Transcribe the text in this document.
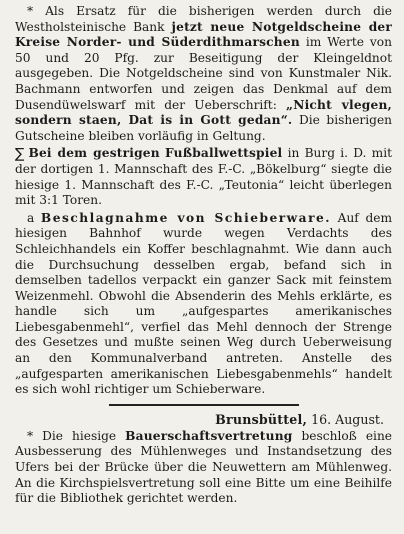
* Als Ersatz für die bisherigen werden durch die Westholsteinische Bank jetzt neue Notgeldscheine der Kreise Norder- und Süderdithmarschen im Werte von 50 und 20 Pfg. zur Beseitigung der Kleingeldnot ausgegeben. Die Notgeldscheine sind von Kunstmaler Nik. Bachmann entworfen und zeigen das Denkmal auf dem Dusendüwelswarf mit der Ueberschrift: „Nicht vlegen, sondern staen, Dat is in Gott gedan“. Die bisherigen Gutscheine bleiben vorläufig in Geltung.

∑ Bei dem gestrigen Fußballwettspiel in Burg i. D. mit der dortigen 1. Mannschaft des F.-C. „Bökelburg“ siegte die hiesige 1. Mannschaft des F.-C. „Teutonia“ leicht überlegen mit 3:1 Toren.

a Beschlagnahme von Schieberware. Auf dem hiesigen Bahnhof wurde wegen Verdachts des Schleichhandels ein Koffer beschlagnahmt. Wie dann auch die Durchsuchung desselben ergab, befand sich in demselben tadellos verpackt ein ganzer Sack mit feinstem Weizenmehl. Obwohl die Absenderin des Mehls erklärte, es handle sich um „aufgespartes amerikanisches Liebesgabenmehl“, verfiel das Mehl dennoch der Strenge des Gesetzes und mußte seinen Weg durch Ueberweisung an den Kommunalverband antreten. Anstelle des „aufgesparten amerikanischen Liebesgabenmehls“ handelt es sich wohl richtiger um Schieberware.

Brunsbüttel, 16. August.

* Die hiesige Bauerschaftsvertretung beschloß eine Ausbesserung des Mühlenweges und Instandsetzung des Ufers bei der Brücke über die Neuwettern am Mühlenweg. An die Kirchspielsvertretung soll eine Bitte um eine Beihilfe für die Bibliothek gerichtet werden.
